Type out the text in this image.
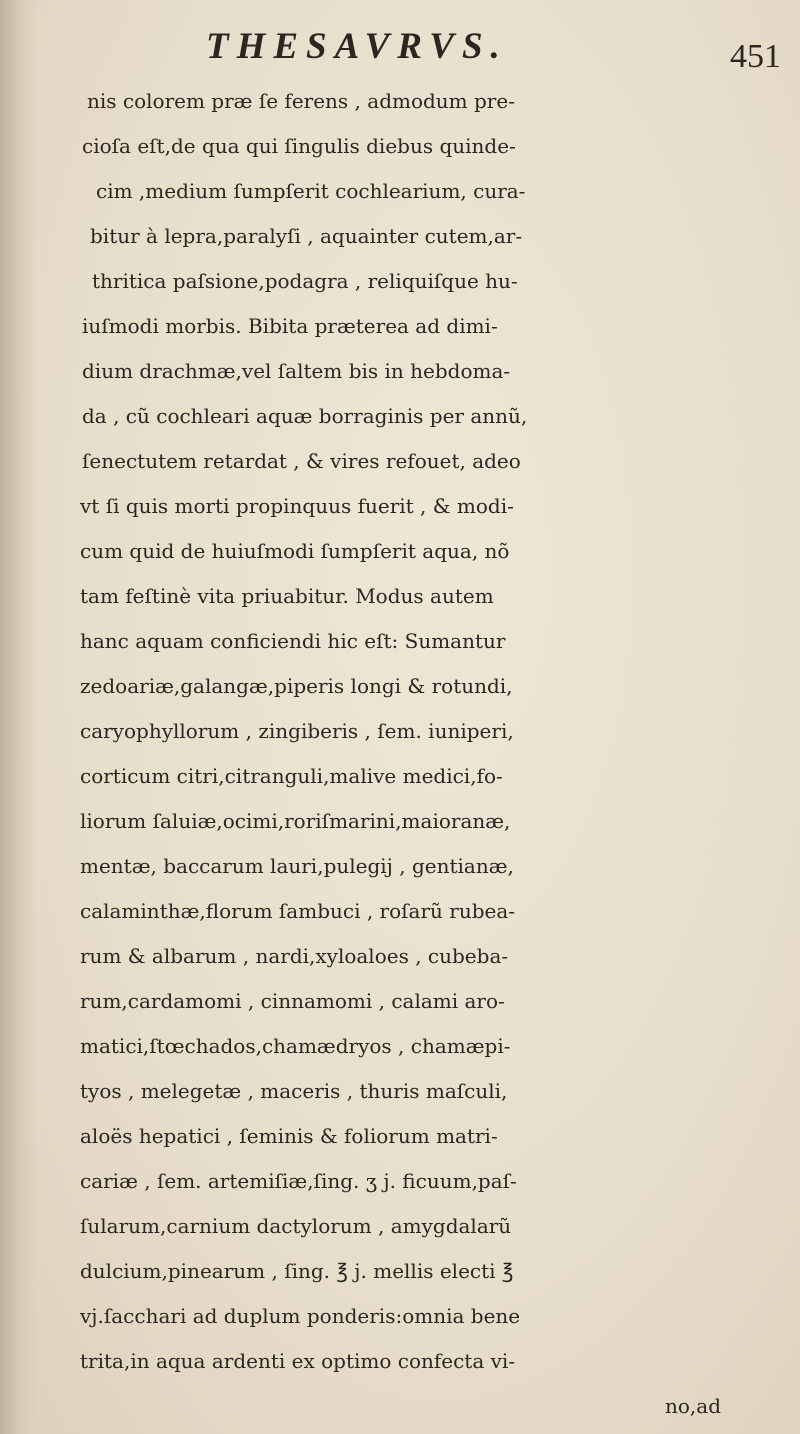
THESAVRVS.	451
nis colorem præ ſe ferens , admodum pre-
cioſa eſt,de qua qui ſingulis diebus quinde-
cim ,medium ſumpſerit cochlearium, cura-
bitur à lepra,paralyſi , aquainter cutem,ar-
thritica paſsione,podagra , reliquiſque hu-
iuſmodi morbis. Bibita præterea ad dimi-
dium drachmæ,vel ſaltem bis in hebdoma-
da , cũ cochleari aquæ borraginis per annũ,
ſenectutem retardat , & vires refouet, adeo
vt ſi quis morti propinquus fuerit , & modi-
cum quid de huiuſmodi ſumpſerit aqua, nõ
tam feſtinè vita priuabitur. Modus autem
hanc aquam conficiendi hic eſt: Sumantur
zedoariæ,galangæ,piperis longi & rotundi,
caryophyllorum , zingiberis , ſem. iuniperi,
corticum citri,citranguli,malive medici,fo-
liorum ſaluiæ,ocimi,roriſmarini,maioranæ,
mentæ, baccarum lauri,pulegij , gentianæ,
calaminthæ,florum ſambuci , roſarũ rubea-
rum & albarum , nardi,xyloaloes , cubeba-
rum,cardamomi , cinnamomi , calami aro-
matici,ſtœchados,chamædryos , chamæpi-
tyos , melegetæ , maceris , thuris maſculi,
aloës hepatici , ſeminis & foliorum matri-
cariæ , ſem. artemiſiæ,ſing. ʒ j. ficuum,paſ-
ſularum,carnium dactylorum , amygdalarũ
dulcium,pinearum , ſing. ℥ j. mellis electi ℥
vj.ſacchari ad duplum ponderis:omnia bene
trita,in aqua ardenti ex optimo confecta vi-
no,ad
